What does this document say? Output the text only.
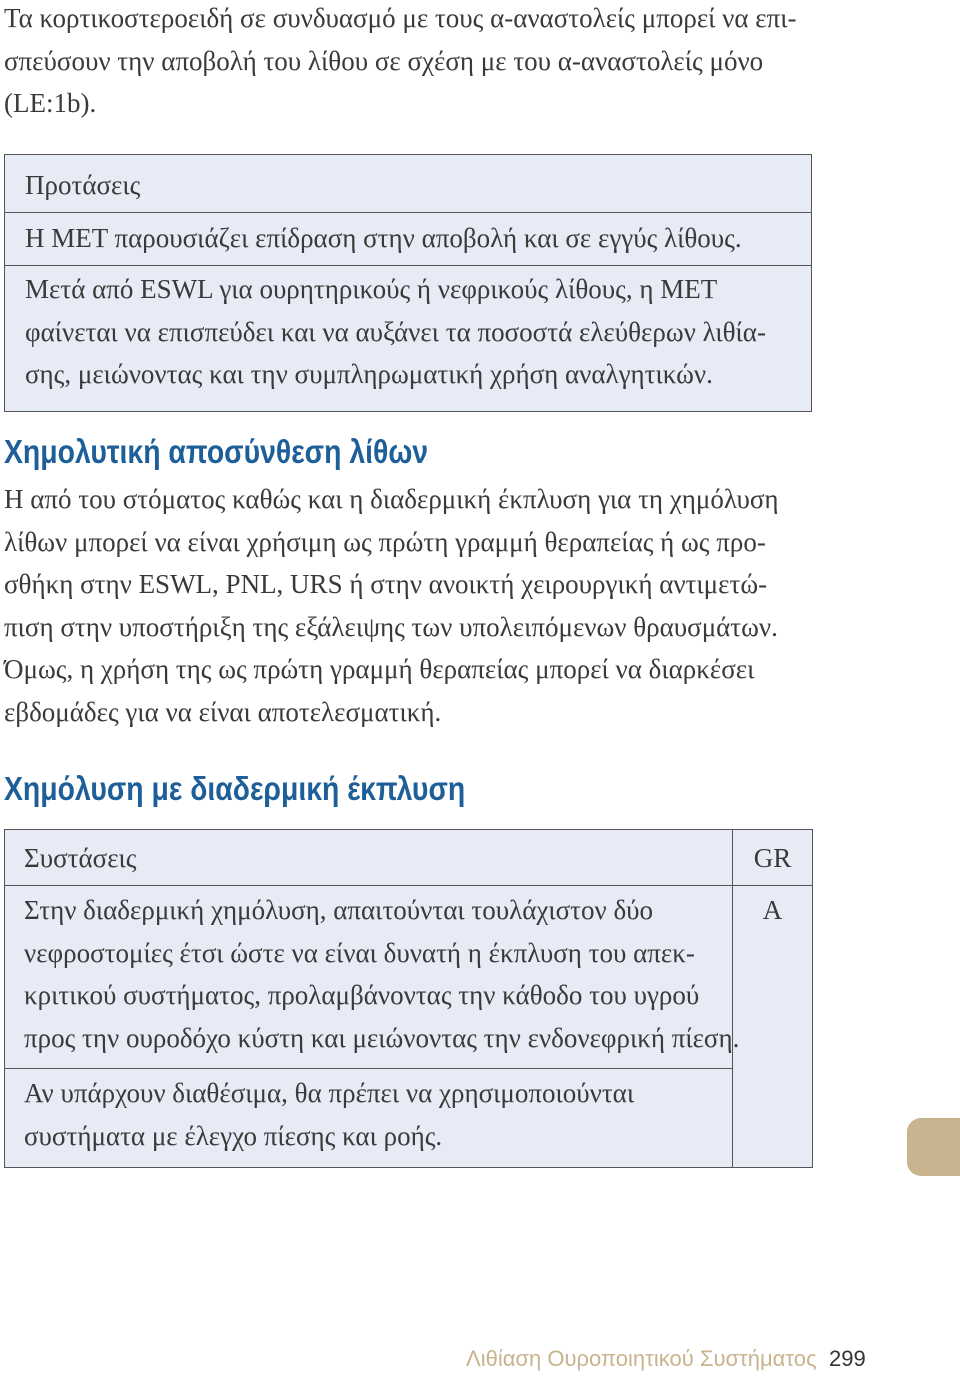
Τα κορτικοστεροειδή σε συνδυασμό με τους α-αναστολείς μπορεί να επι-
σπεύσουν την αποβολή του λίθου σε σχέση με του α-αναστολείς μόνο
(LE:1b).

Προτάσεις
Η ΜΕΤ παρουσιάζει επίδραση στην αποβολή και σε εγγύς λίθους.
Μετά από ESWL για ουρητηρικούς ή νεφρικούς λίθους, η ΜΕΤ
φαίνεται να επισπεύδει και να αυξάνει τα ποσοστά ελεύθερων λιθία-
σης, μειώνοντας και την συμπληρωματική χρήση αναλγητικών.
Χημολυτική αποσύνθεση λίθων

Η από του στόματος καθώς και η διαδερμική έκπλυση για τη χημόλυση
λίθων μπορεί να είναι χρήσιμη ως πρώτη γραμμή θεραπείας ή ως προ-
σθήκη στην ESWL, PNL, URS ή στην ανοικτή χειρουργική αντιμετώ-
πιση στην υποστήριξη της εξάλειψης των υπολειπόμενων θραυσμάτων.
Όμως, η χρήση της ως πρώτη γραμμή θεραπείας μπορεί να διαρκέσει
εβδομάδες για να είναι αποτελεσματική.

Χημόλυση με διαδερμική έκπλυση
Συστάσεις	GR
Στην διαδερμική χημόλυση, απαιτούνται τουλάχιστον δύο
νεφροστομίες έτσι ώστε να είναι δυνατή η έκπλυση του απεκ-
κριτικού συστήματος, προλαμβάνοντας την κάθοδο του υγρού
προς την ουροδόχο κύστη και μειώνοντας την ενδονεφρική πίεση.
A
Αν υπάρχουν διαθέσιμα, θα πρέπει να χρησιμοποιούνται
συστήματα με έλεγχο πίεσης και ροής.
Λιθίαση Ουροποιητικού Συστήματος 299
